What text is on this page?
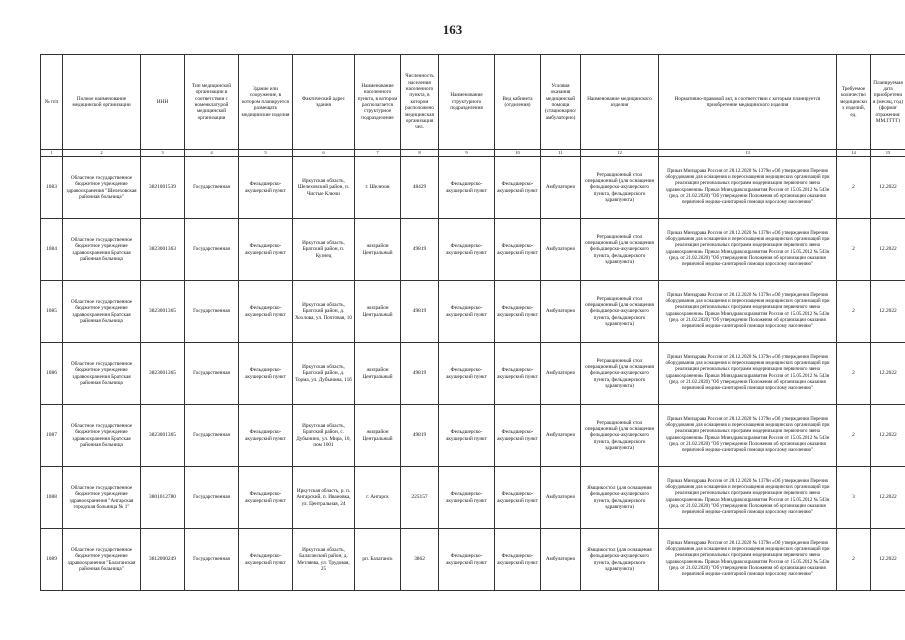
163
№ п/п	Полное наименование медицинской организации	ИНН	Тип медицинской организации в соответствии с номенклатурой медицинской организации	Здание или сооружение, в котором планируется размещать медицинские изделия	Фактический адрес здания	Наименование населенного пункта, в котором располагается структурное подразделение	Численность населения населенного пункта, в котором расположено медицинская организация чел.	Наименование структурного подразделения	Вид кабинета (отделения)	Условия оказания медицинской помощи (стационарно/амбулаторно)	Наименование медицинского изделия	Нормативно-правовой акт, в соответствии с которым планируется приобретение медицинского изделия	Требуемое количество медицинских изделий, ед.	Планируемая дата приобретения (месяц, год) (формат отражения: ММ.ГГГГ)
1	2	3	4	5	6	7	8	9	10	11	12	13	14	15
1083	Областное государственное бюджетное учреждение здравоохранения "Шелеховская районная больница"	3821001539	Государственная	Фельдшерско-акушерский пункт	Иркутская область, Шелеховский район, п. Чистые Ключи	г. Шелехов	48429	Фельдшерско-акушерский пункт	Фельдшерско-акушерский пункт	Амбулаторно	Ретракционный стол операционный (для оснащения фельдшерско-акушерского пункта, фельдшерского здравпункта)	Приказ Минздрава России от 28.12.2020 № 1379н «Об утверждении Перечня оборудования для оснащения и переоснащения медицинских организаций при реализации региональных программ модернизации первичного звена здравоохранения» Приказ Минздравсоцразвития России от 15.05.2012 № 543н (ред. от 21.02.2020) "Об утверждении Положения об организации оказания первичной медико-санитарной помощи взрослому населению"	2	12.2022
1084	Областное государственное бюджетное учреждение здравоохранения Братская районная больница	3823001363	Государственная	Фельдшерско-акушерский пункт	Иркутская область, Братский район, п. Кузнец	жилрайон Центральный	49819	Фельдшерско-акушерский пункт	Фельдшерско-акушерский пункт	Амбулаторно	Ретракционный стол операционный (для оснащения фельдшерско-акушерского пункта, фельдшерского здравпункта)	Приказ Минздрава России от 28.12.2020 № 1379н «Об утверждении Перечня оборудования для оснащения и переоснащения медицинских организаций при реализации региональных программ модернизации первичного звена здравоохранения» Приказ Минздравсоцразвития России от 15.05.2012 № 543н (ред. от 21.02.2020) "Об утверждении Положения об организации оказания первичной медико-санитарной помощи взрослому населению"	2	12.2022
1085	Областное государственное бюджетное учреждение здравоохранения Братская районная больница	3823001365	Государственная	Фельдшерско-акушерский пункт	Иркутская область, Братский район, д. Хохлова, ул. Почтовая, 10	жилрайон Центральный	49819	Фельдшерско-акушерский пункт	Фельдшерско-акушерский пункт	Амбулаторно	Ретракционный стол операционный (для оснащения фельдшерско-акушерского пункта, фельдшерского здравпункта)	Приказ Минздрава России от 28.12.2020 № 1379н «Об утверждении Перечня оборудования для оснащения и переоснащения медицинских организаций при реализации региональных программ модернизации первичного звена здравоохранения» Приказ Минздравсоцразвития России от 15.05.2012 № 543н (ред. от 21.02.2020) "Об утверждении Положения об организации оказания первичной медико-санитарной помощи взрослому населению"	2	12.2022
1086	Областное государственное бюджетное учреждение здравоохранения Братская районная больница	3823001365	Государственная	Фельдшерско-акушерский пункт	Иркутская область, Братский район, д. Торма, ул. Дубынина, 11б	жилрайон Центральный	49819	Фельдшерско-акушерский пункт	Фельдшерско-акушерский пункт	Амбулаторно	Ретракционный стол операционный (для оснащения фельдшерско-акушерского пункта, фельдшерского здравпункта)	Приказ Минздрава России от 28.12.2020 № 1379н «Об утверждении Перечня оборудования для оснащения и переоснащения медицинских организаций при реализации региональных программ модернизации первичного звена здравоохранения» Приказ Минздравсоцразвития России от 15.05.2012 № 543н (ред. от 21.02.2020) "Об утверждении Положения об организации оказания первичной медико-санитарной помощи взрослому населению"	2	12.2022
1087	Областное государственное бюджетное учреждение здравоохранения Братская районная больница	3823001365	Государственная	Фельдшерско-акушерский пункт	Иркутская область, Братский район, с. Дубынино, ул. Мира, 10, пом 1001	жилрайон Центральный	49819	Фельдшерско-акушерский пункт	Фельдшерско-акушерский пункт	Амбулаторно	Ретракционный стол операционный (для оснащения фельдшерско-акушерского пункта, фельдшерского здравпункта)	Приказ Минздрава России от 28.12.2020 № 1379н «Об утверждении Перечня оборудования для оснащения и переоснащения медицинских организаций при реализации региональных программ модернизации первичного звена здравоохранения» Приказ Минздравсоцразвития России от 15.05.2012 № 543н (ред. от 21.02.2020) "Об утверждении Положения об организации оказания первичной медико-санитарной помощи взрослому населению"	2	12.2022
1088	Областное государственное бюджетное учреждение здравоохранения "Ангарская городская больница № 1"	3801012780	Государственная	Фельдшерско-акушерский пункт	Иркутская область, р. п. Ангарский, п. Ивановка, ул. Центральная, 24	г. Ангарск	225157	Фельдшерско-акушерский пункт	Фельдшерско-акушерский пункт	Амбулаторно	Ямщикостол (для оснащения фельдшерско-акушерского пункта, фельдшерского здравпункта)	Приказ Минздрава России от 28.12.2020 № 1379н «Об утверждении Перечня оборудования для оснащения и переоснащения медицинских организаций при реализации региональных программ модернизации первичного звена здравоохранения» Приказ Минздравсоцразвития России от 15.05.2012 № 543н (ред. от 21.02.2020) "Об утверждении Положения об организации оказания первичной медико-санитарной помощи взрослому населению"	3	12.2022
1089	Областное государственное бюджетное учреждение здравоохранения "Балаганская районная больница"	3812000249	Государственная	Фельдшерско-акушерский пункт	Иркутская область, Балаганский район, д. Метляева, ул. Трудовая, 25	рп. Балаганск	3862	Фельдшерско-акушерский пункт	Фельдшерско-акушерский пункт	Амбулаторно	Ямщикостол (для оснащения фельдшерско-акушерского пункта, фельдшерского здравпункта)	Приказ Минздрава России от 28.12.2020 № 1379н «Об утверждении Перечня оборудования для оснащения и переоснащения медицинских организаций при реализации региональных программ модернизации первичного звена здравоохранения» Приказ Минздравсоцразвития России от 15.05.2012 № 543н (ред. от 21.02.2020) "Об утверждении Положения об организации оказания первичной медико-санитарной помощи взрослому населению"	2	12.2022
